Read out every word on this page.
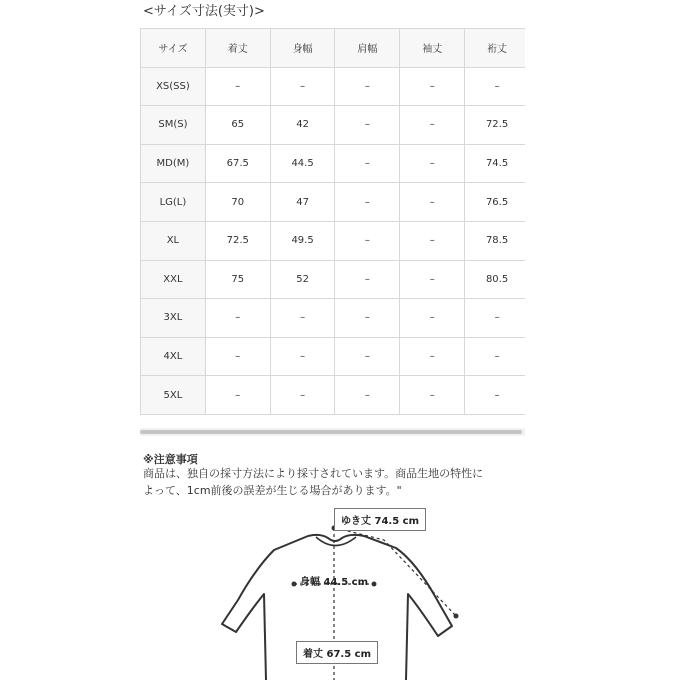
<サイズ寸法(実寸)>
サイズ	着丈	身幅	肩幅	袖丈	裄丈
XS(SS)	–	–	–	–	–
SM(S)	65	42	–	–	72.5
MD(M)	67.5	44.5	–	–	74.5
LG(L)	70	47	–	–	76.5
XL	72.5	49.5	–	–	78.5
XXL	75	52	–	–	80.5
3XL	–	–	–	–	–
4XL	–	–	–	–	–
5XL	–	–	–	–	–
※注意事項
商品は、独自の採寸方法により採寸されています。商品生地の特性に
よって、1cm前後の誤差が生じる場合があります。"
ゆき丈 74.5 cm
身幅 44.5 cm
着丈 67.5 cm
